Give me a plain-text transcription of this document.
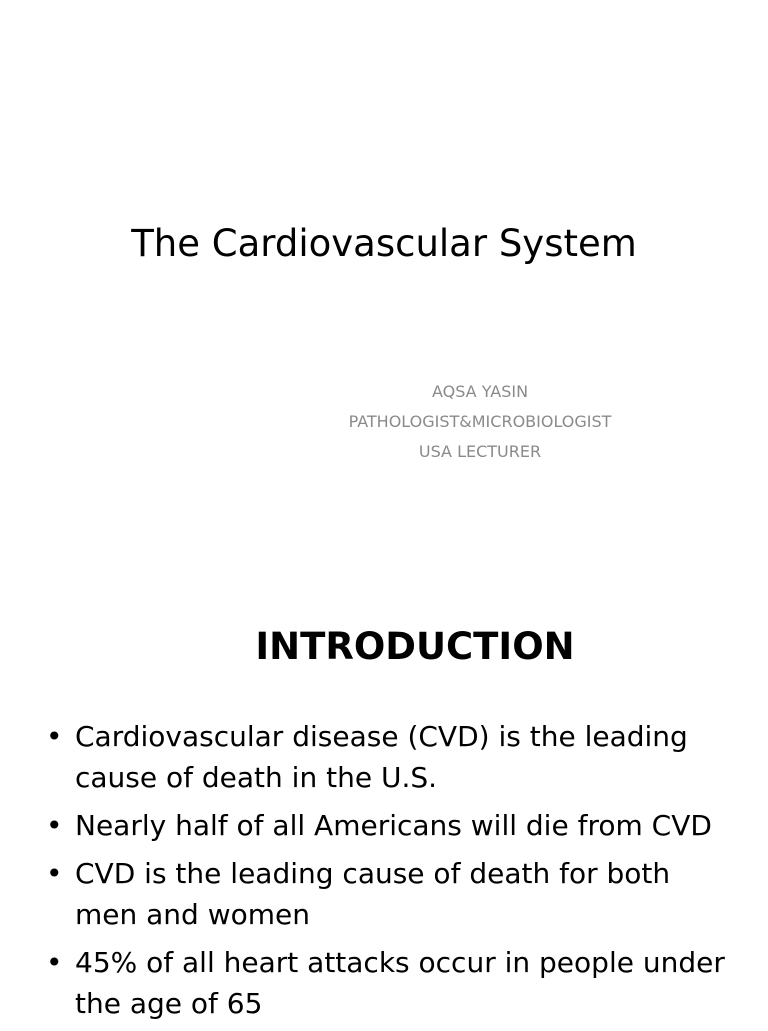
The Cardiovascular System
AQSA YASIN
PATHOLOGIST&MICROBIOLOGIST
USA LECTURER
INTRODUCTION
• Cardiovascular disease (CVD) is the leading cause of death in the U.S.
• Nearly half of all Americans will die from CVD
• CVD is the leading cause of death for both men and women
• 45% of all heart attacks occur in people under the age of 65
